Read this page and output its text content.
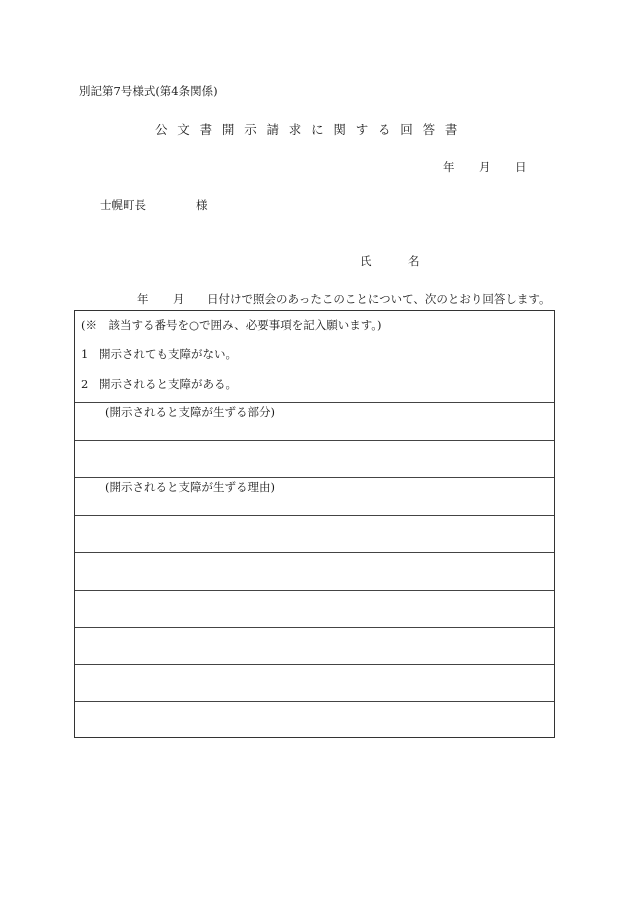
別記第7号様式(第4条関係)
公文書開示請求に関する回答書
年	月	日
士幌町長	様
氏	名
年	月	日付けで照会のあったこのことについて、次のとおり回答します。
(※　該当する番号を○で囲み、必要事項を記入願います。)
1 開示されても支障がない。
2 開示されると支障がある。
(開示されると支障が生ずる部分)
(開示されると支障が生ずる理由)
